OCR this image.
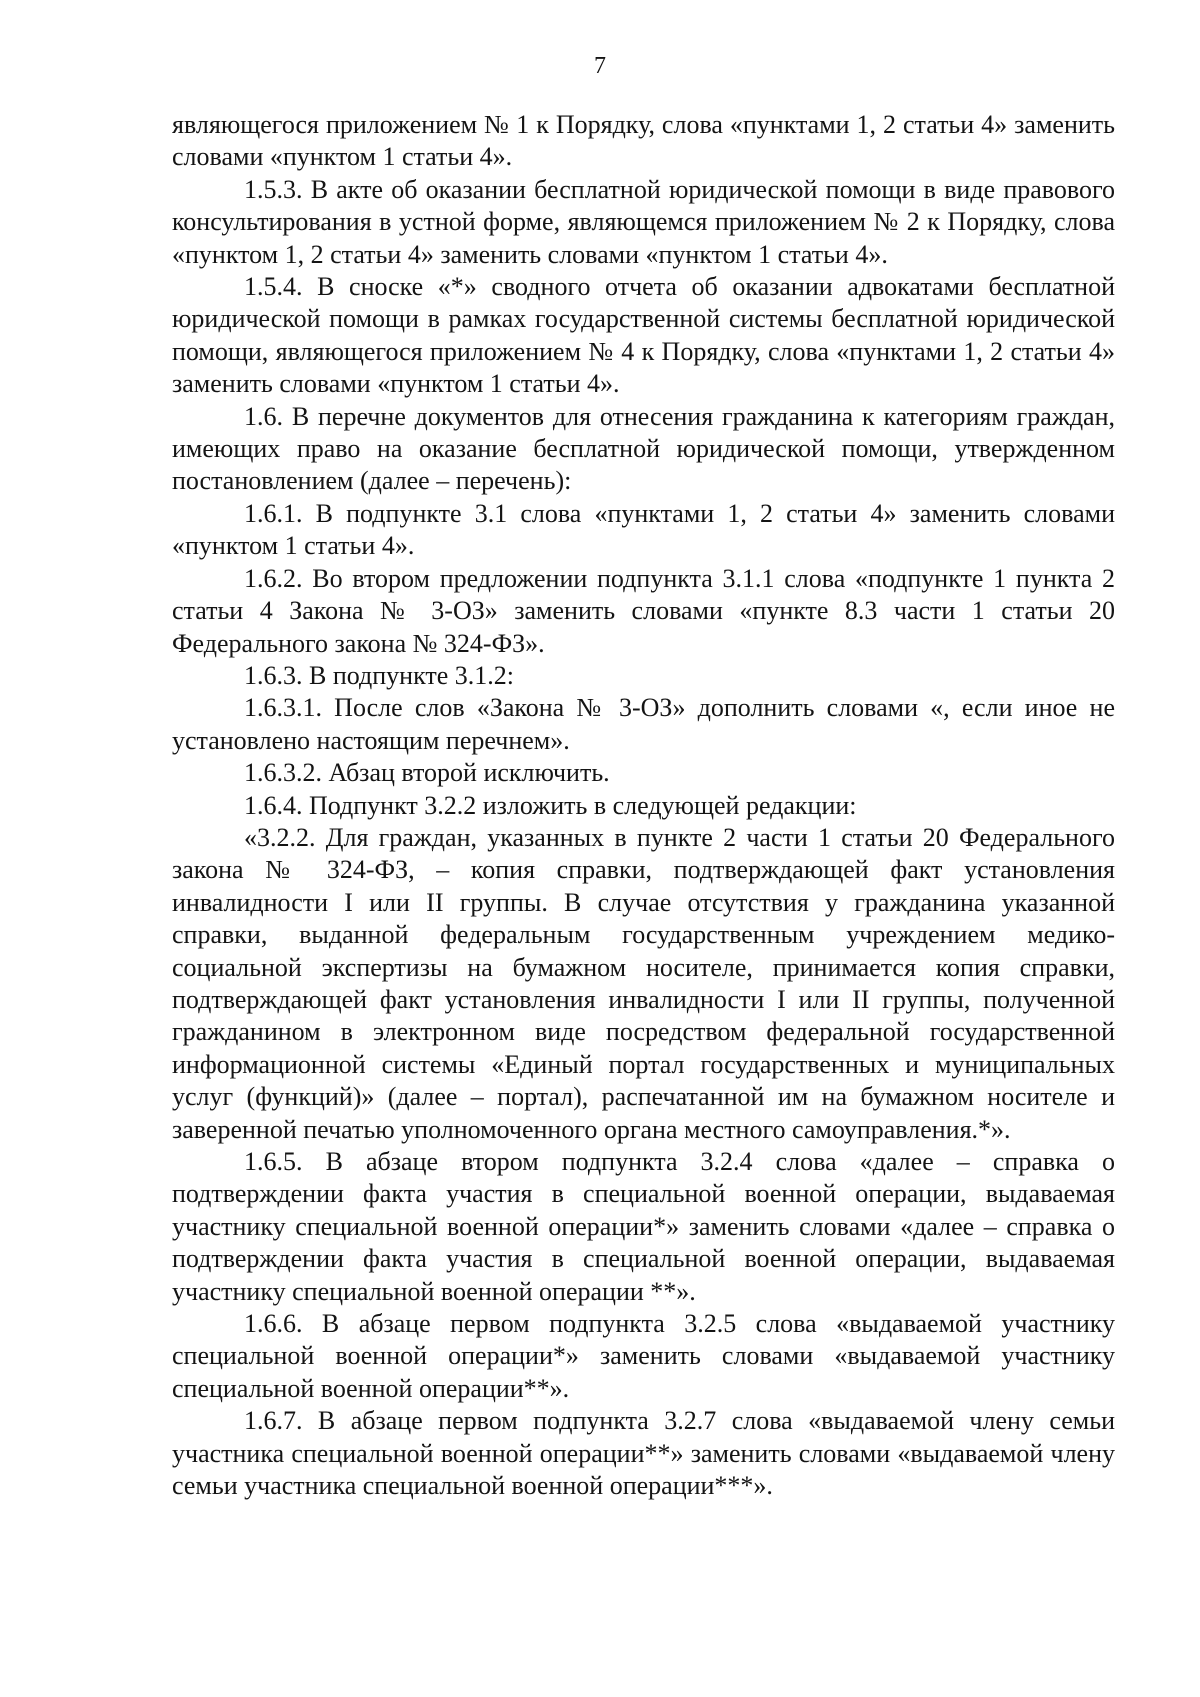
7

являющегося приложением № 1 к Порядку, слова «пунктами 1, 2 статьи 4» заменить словами «пунктом 1 статьи 4».

1.5.3. В акте об оказании бесплатной юридической помощи в виде правового консультирования в устной форме, являющемся приложением № 2 к Порядку, слова «пунктом 1, 2 статьи 4» заменить словами «пунктом 1 статьи 4».

1.5.4. В сноске «*» сводного отчета об оказании адвокатами бесплатной юридической помощи в рамках государственной системы бесплатной юридической помощи, являющегося приложением № 4 к Порядку, слова «пунктами 1, 2 статьи 4» заменить словами «пунктом 1 статьи 4».

1.6. В перечне документов для отнесения гражданина к категориям граждан, имеющих право на оказание бесплатной юридической помощи, утвержденном постановлением (далее – перечень):

1.6.1. В подпункте 3.1 слова «пунктами 1, 2 статьи 4» заменить словами «пунктом 1 статьи 4».

1.6.2. Во втором предложении подпункта 3.1.1 слова «подпункте 1 пункта 2 статьи 4 Закона № 3-ОЗ» заменить словами «пункте 8.3 части 1 статьи 20 Федерального закона № 324-ФЗ».

1.6.3. В подпункте 3.1.2:

1.6.3.1. После слов «Закона № 3-ОЗ» дополнить словами «, если иное не установлено настоящим перечнем».

1.6.3.2. Абзац второй исключить.

1.6.4. Подпункт 3.2.2 изложить в следующей редакции:

«3.2.2. Для граждан, указанных в пункте 2 части 1 статьи 20 Федерального закона № 324-ФЗ, – копия справки, подтверждающей факт установления инвалидности I или II группы. В случае отсутствия у гражданина указанной справки, выданной федеральным государственным учреждением медико-социальной экспертизы на бумажном носителе, принимается копия справки, подтверждающей факт установления инвалидности I или II группы, полученной гражданином в электронном виде посредством федеральной государственной информационной системы «Единый портал государственных и муниципальных услуг (функций)» (далее – портал), распечатанной им на бумажном носителе и заверенной печатью уполномоченного органа местного самоуправления.*».

1.6.5. В абзаце втором подпункта 3.2.4 слова «далее – справка о подтверждении факта участия в специальной военной операции, выдаваемая участнику специальной военной операции*» заменить словами «далее – справка о подтверждении факта участия в специальной военной операции, выдаваемая участнику специальной военной операции **».

1.6.6. В абзаце первом подпункта 3.2.5 слова «выдаваемой участнику специальной военной операции*» заменить словами «выдаваемой участнику специальной военной операции**».

1.6.7. В абзаце первом подпункта 3.2.7 слова «выдаваемой члену семьи участника специальной военной операции**» заменить словами «выдаваемой члену семьи участника специальной военной операции***».
